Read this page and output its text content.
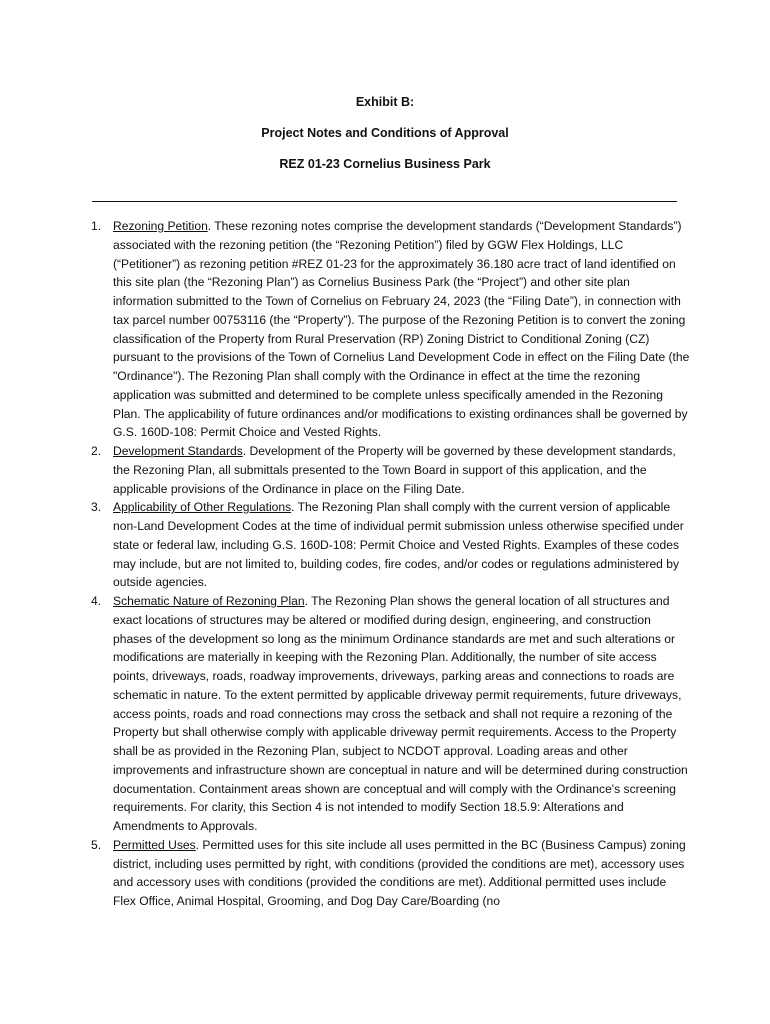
Exhibit B:
Project Notes and Conditions of Approval
REZ 01-23 Cornelius Business Park
1. Rezoning Petition. These rezoning notes comprise the development standards (“Development Standards”) associated with the rezoning petition (the “Rezoning Petition”) filed by GGW Flex Holdings, LLC (“Petitioner”) as rezoning petition #REZ 01-23 for the approximately 36.180 acre tract of land identified on this site plan (the “Rezoning Plan”) as Cornelius Business Park (the “Project”) and other site plan information submitted to the Town of Cornelius on February 24, 2023 (the “Filing Date”), in connection with tax parcel number 00753116 (the “Property”). The purpose of the Rezoning Petition is to convert the zoning classification of the Property from Rural Preservation (RP) Zoning District to Conditional Zoning (CZ) pursuant to the provisions of the Town of Cornelius Land Development Code in effect on the Filing Date (the "Ordinance"). The Rezoning Plan shall comply with the Ordinance in effect at the time the rezoning application was submitted and determined to be complete unless specifically amended in the Rezoning Plan. The applicability of future ordinances and/or modifications to existing ordinances shall be governed by G.S. 160D-108: Permit Choice and Vested Rights.
2. Development Standards. Development of the Property will be governed by these development standards, the Rezoning Plan, all submittals presented to the Town Board in support of this application, and the applicable provisions of the Ordinance in place on the Filing Date.
3. Applicability of Other Regulations. The Rezoning Plan shall comply with the current version of applicable non-Land Development Codes at the time of individual permit submission unless otherwise specified under state or federal law, including G.S. 160D-108: Permit Choice and Vested Rights. Examples of these codes may include, but are not limited to, building codes, fire codes, and/or codes or regulations administered by outside agencies.
4. Schematic Nature of Rezoning Plan. The Rezoning Plan shows the general location of all structures and exact locations of structures may be altered or modified during design, engineering, and construction phases of the development so long as the minimum Ordinance standards are met and such alterations or modifications are materially in keeping with the Rezoning Plan. Additionally, the number of site access points, driveways, roads, roadway improvements, driveways, parking areas and connections to roads are schematic in nature. To the extent permitted by applicable driveway permit requirements, future driveways, access points, roads and road connections may cross the setback and shall not require a rezoning of the Property but shall otherwise comply with applicable driveway permit requirements. Access to the Property shall be as provided in the Rezoning Plan, subject to NCDOT approval. Loading areas and other improvements and infrastructure shown are conceptual in nature and will be determined during construction documentation. Containment areas shown are conceptual and will comply with the Ordinance's screening requirements. For clarity, this Section 4 is not intended to modify Section 18.5.9: Alterations and Amendments to Approvals.
5. Permitted Uses. Permitted uses for this site include all uses permitted in the BC (Business Campus) zoning district, including uses permitted by right, with conditions (provided the conditions are met), accessory uses and accessory uses with conditions (provided the conditions are met). Additional permitted uses include Flex Office, Animal Hospital, Grooming, and Dog Day Care/Boarding (no
